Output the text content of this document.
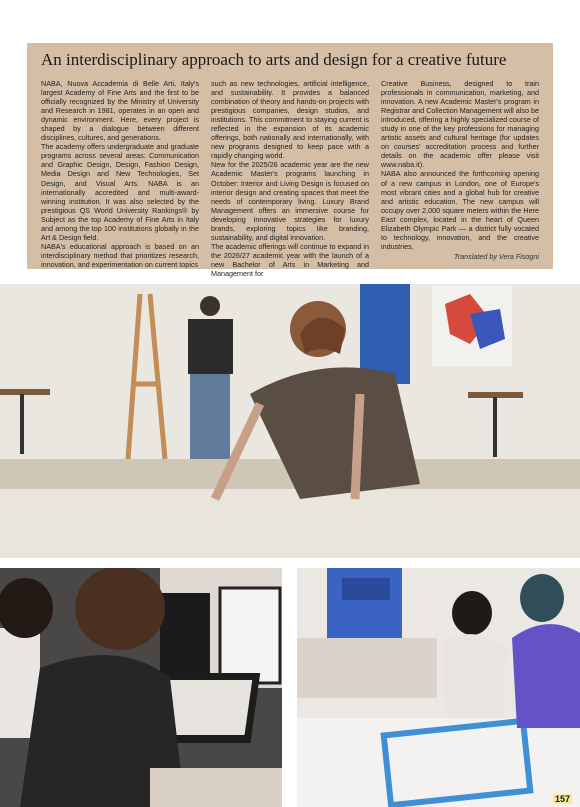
An interdisciplinary approach to arts and design for a creative future

NABA, Nuova Accademia di Belle Arti, Italy's largest Academy of Fine Arts and the first to be officially recognized by the Ministry of University and Research in 1981, operates in an open and dynamic environment. Here, every project is shaped by a dialogue between different disciplines, cultures, and generations.

The academy offers undergraduate and graduate programs across several areas: Communication and Graphic Design, Design, Fashion Design, Media Design and New Technologies, Set Design, and Visual Arts. NABA is an internationally accredited and multi-award-winning institution. It was also selected by the prestigious QS World University Rankings® by Subject as the top Academy of Fine Arts in Italy and among the top 100 institutions globally in the Art & Design field.

NABA's educational approach is based on an interdisciplinary method that prioritizes research, innovation, and experimentation on current topics

such as new technologies, artificial intelligence, and sustainability. It provides a balanced combination of theory and hands-on projects with prestigious companies, design studios, and institutions. This commitment to staying current is reflected in the expansion of its academic offerings, both nationally and internationally, with new programs designed to keep pace with a rapidly changing world.

New for the 2025/26 academic year are the new Academic Master's programs launching in October: Interior and Living Design is focused on interior design and creating spaces that meet the needs of contemporary living. Luxury Brand Management offers an immersive course for developing innovative strategies for luxury brands, exploring topics like branding, sustainability, and digital innovation.

The academic offerings will continue to expand in the 2026/27 academic year with the launch of a new Bachelor of Arts in Marketing and Management for

Creative Business, designed to train professionals in communication, marketing, and innovation. A new Academic Master's program in Registrar and Collection Management will also be introduced, offering a highly specialized course of study in one of the key professions for managing artistic assets and cultural heritage (for updates on courses' accreditation process and further details on the academic offer please visit www.naba.it).

NABA also announced the forthcoming opening of a new campus in London, one of Europe's most vibrant cities and a global hub for creative and artistic education. The new campus will occupy over 2,000 square meters within the Here East complex, located in the heart of Queen Elizabeth Olympic Park — a district fully vocated to technology, innovation, and the creative industries.

Translated by Vera Fisogni

157
